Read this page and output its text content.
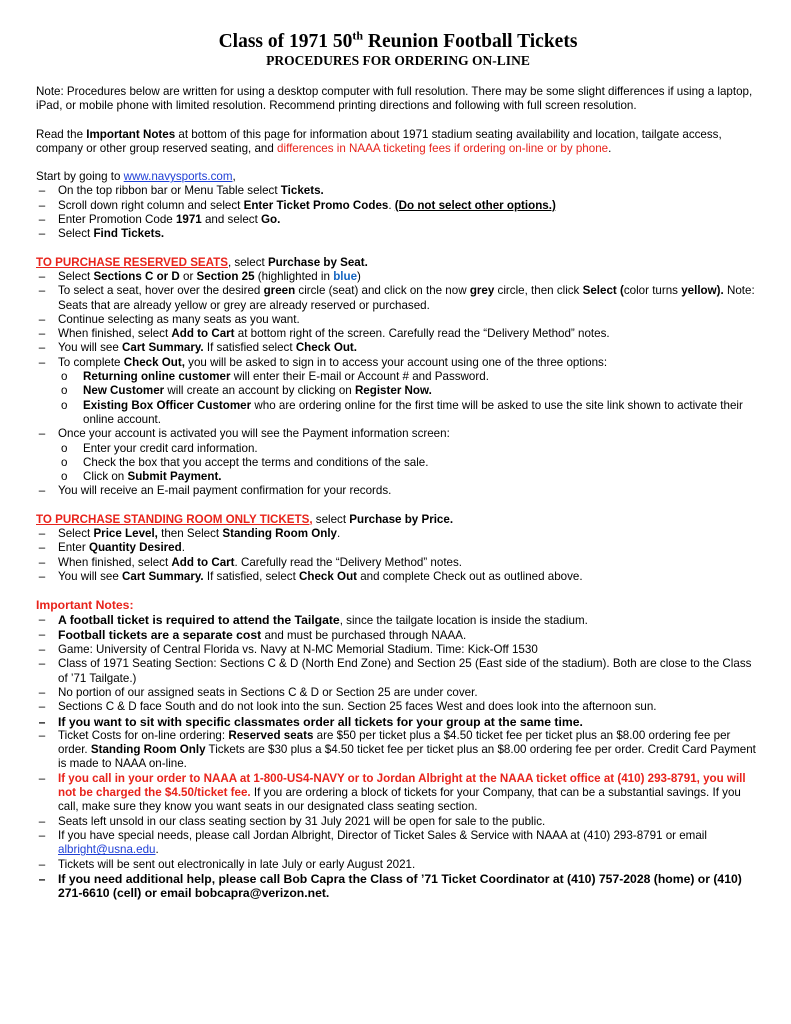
Class of 1971 50th Reunion Football Tickets

PROCEDURES FOR ORDERING ON-LINE

Note: Procedures below are written for using a desktop computer with full resolution. There may be some slight differences if using a laptop, iPad, or mobile phone with limited resolution. Recommend printing directions and following with full screen resolution.

Read the Important Notes at bottom of this page for information about 1971 stadium seating availability and location, tailgate access, company or other group reserved seating, and differences in NAAA ticketing fees if ordering on-line or by phone.

Start by going to www.navysports.com,

– On the top ribbon bar or Menu Table select Tickets.
– Scroll down right column and select Enter Ticket Promo Codes. (Do not select other options.)
– Enter Promotion Code 1971 and select Go.
– Select Find Tickets.

TO PURCHASE RESERVED SEATS, select Purchase by Seat.

– Select Sections C or D or Section 25 (highlighted in blue)
– To select a seat, hover over the desired green circle (seat) and click on the now grey circle, then click Select (color turns yellow). Note: Seats that are already yellow or grey are already reserved or purchased.
– Continue selecting as many seats as you want.
– When finished, select Add to Cart at bottom right of the screen. Carefully read the “Delivery Method” notes.
– You will see Cart Summary. If satisfied select Check Out.
– To complete Check Out, you will be asked to sign in to access your account using one of the three options:
o Returning online customer will enter their E-mail or Account # and Password.
o New Customer will create an account by clicking on Register Now.
o Existing Box Officer Customer who are ordering online for the first time will be asked to use the site link shown to activate their online account.
– Once your account is activated you will see the Payment information screen:
o Enter your credit card information.
o Check the box that you accept the terms and conditions of the sale.
o Click on Submit Payment.
– You will receive an E-mail payment confirmation for your records.

TO PURCHASE STANDING ROOM ONLY TICKETS, select Purchase by Price.

– Select Price Level, then Select Standing Room Only.
– Enter Quantity Desired.
– When finished, select Add to Cart. Carefully read the “Delivery Method” notes.
– You will see Cart Summary. If satisfied, select Check Out and complete Check out as outlined above.

Important Notes:

– A football ticket is required to attend the Tailgate, since the tailgate location is inside the stadium.
– Football tickets are a separate cost and must be purchased through NAAA.
– Game: University of Central Florida vs. Navy at N-MC Memorial Stadium. Time: Kick-Off 1530
– Class of 1971 Seating Section: Sections C & D (North End Zone) and Section 25 (East side of the stadium). Both are close to the Class of ’71 Tailgate.)
– No portion of our assigned seats in Sections C & D or Section 25 are under cover.
– Sections C & D face South and do not look into the sun. Section 25 faces West and does look into the afternoon sun.
– If you want to sit with specific classmates order all tickets for your group at the same time.
– Ticket Costs for on-line ordering: Reserved seats are $50 per ticket plus a $4.50 ticket fee per ticket plus an $8.00 ordering fee per order. Standing Room Only Tickets are $30 plus a $4.50 ticket fee per ticket plus an $8.00 ordering fee per order. Credit Card Payment is made to NAAA on-line.
– If you call in your order to NAAA at 1-800-US4-NAVY or to Jordan Albright at the NAAA ticket office at (410) 293-8791, you will not be charged the $4.50/ticket fee. If you are ordering a block of tickets for your Company, that can be a substantial savings. If you call, make sure they know you want seats in our designated class seating section.
– Seats left unsold in our class seating section by 31 July 2021 will be open for sale to the public.
– If you have special needs, please call Jordan Albright, Director of Ticket Sales & Service with NAAA at (410) 293-8791 or email albright@usna.edu.
– Tickets will be sent out electronically in late July or early August 2021.
– If you need additional help, please call Bob Capra the Class of ’71 Ticket Coordinator at (410) 757-2028 (home) or (410) 271-6610 (cell) or email bobcapra@verizon.net.
